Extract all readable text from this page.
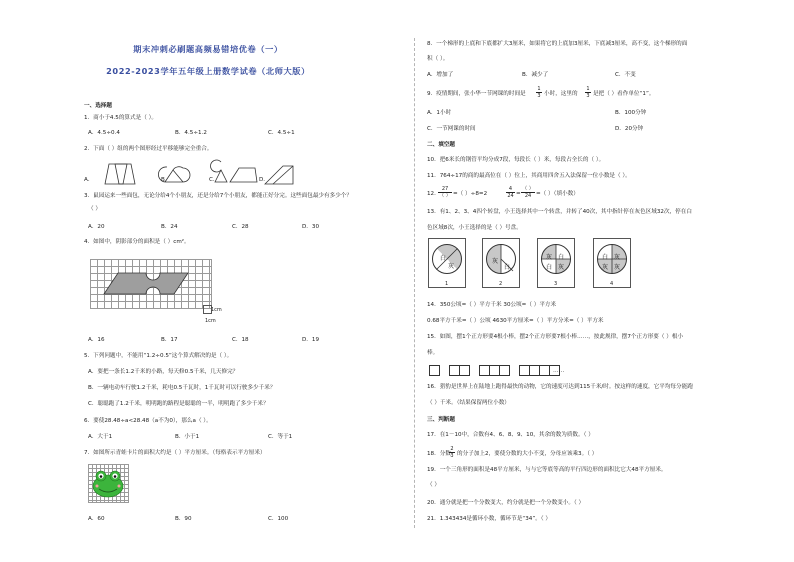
期末冲刺必刷题高频易错培优卷（一）
2022-2023学年五年级上册数学试卷（北师大版）
一、选择题
1．商小于4.5的算式是（ ）。
A．4.5÷0.4	B．4.5÷1.2	C．4.5÷1
2．下面（ ）组的两个图形经过平移能够完全重合。
A．	B．	C．	D．
3．鼠园运来一些面包，无论分给4个小朋友，还是分给7个小朋友，都能正好分完。这些面包最少有多少个？
（ ）
A．20	B．24	C．28	D．30
4．如图中，阴影部分的面积是（ ）cm²。
1cm
1cm
A．16	B．17	C．18	D．19
5．下列问题中，不能用“1.2÷0.5”这个算式解决的是（ ）。
A．要把一条长1.2千米的小路，每天修0.5千米，几天修完？
B．一辆电动车行驶1.2千米，耗电0.5千瓦时，1千瓦时可以行驶多少千米？
C．聪聪跑了1.2千米，明明跑的路程是聪聪的一半，明明跑了多少千米？
6．要使28.48÷a<28.48（a不为0），那么a（ ）。
A．大于1	B．小于1	C．等于1
7．如图所示青蛙卡片的面积大约是（ ）平方厘米。（每格表示平方厘米）
A．60	B．90	C．100
8．一个梯形的上底和下底都扩大3厘米，如果将它的上底加3厘米，下底减3厘米，高不变，这个梯形的面
积（ ）。
A．增加了	B．减少了	C．不变
9．疫情期间，张小华一节网课的时间是
1
3 小时，这里的
1
3 是把（ ）看作单位“1”。
A．1小时	B．100分钟
C．一节网课的时间	D．20分钟
二、填空题
10．把6米长的钢管平均分成7段，每段长（ ）米，每段占全长的（ ）。
11．764÷17的商的最高位在（ ）位上，其商用四舍五入法保留一位小数是（ ）。
12．
27
（ ） =（ ）÷8=2
4
24 =
（ ）
24 =（ ）（填小数）
13．有1、2、3、4四个转盘，小王选择其中一个转盘，并转了40次，其中指针停在灰色区域32次，停在白
色区域8次，小王选择的是（ ）号盘。
白
灰
1
灰
白
2
灰 白
白 灰
3
白 灰
灰 灰
4
14．350公顷=（ ）平方千米 30公顷=（ ）平方米
0.68平方千米=（ ）公顷 4630平方厘米=（ ）平方分米=（ ）平方米
15．如图，摆1个正方形要4根小棒，摆2个正方形要7根小棒……，按此规律，摆7个正方形要（ ）根小
棒。
……
16．猎豹是世界上在陆地上跑得最快的动物，它的速度可达到115千米/时。按这样的速度，它平均每分能跑
（ ）千米。（结果保留两位小数）
三、判断题
17．在1－10中，合数有4、6、8、9、10，其余的数为质数。（ ）
18．分数
2
3 的分子加上2，要使分数的大小不变，分母应该乘3。（ ）
19．一个三角形的面积是48平方厘米，与与它等底等高的平行四边形的面积比它大48平方厘米。
（ ）
20．通分就是把一个分数变大，约分就是把一个分数变小。（ ）
21．1.343434是循环小数，循环节是“34”。（ ）
